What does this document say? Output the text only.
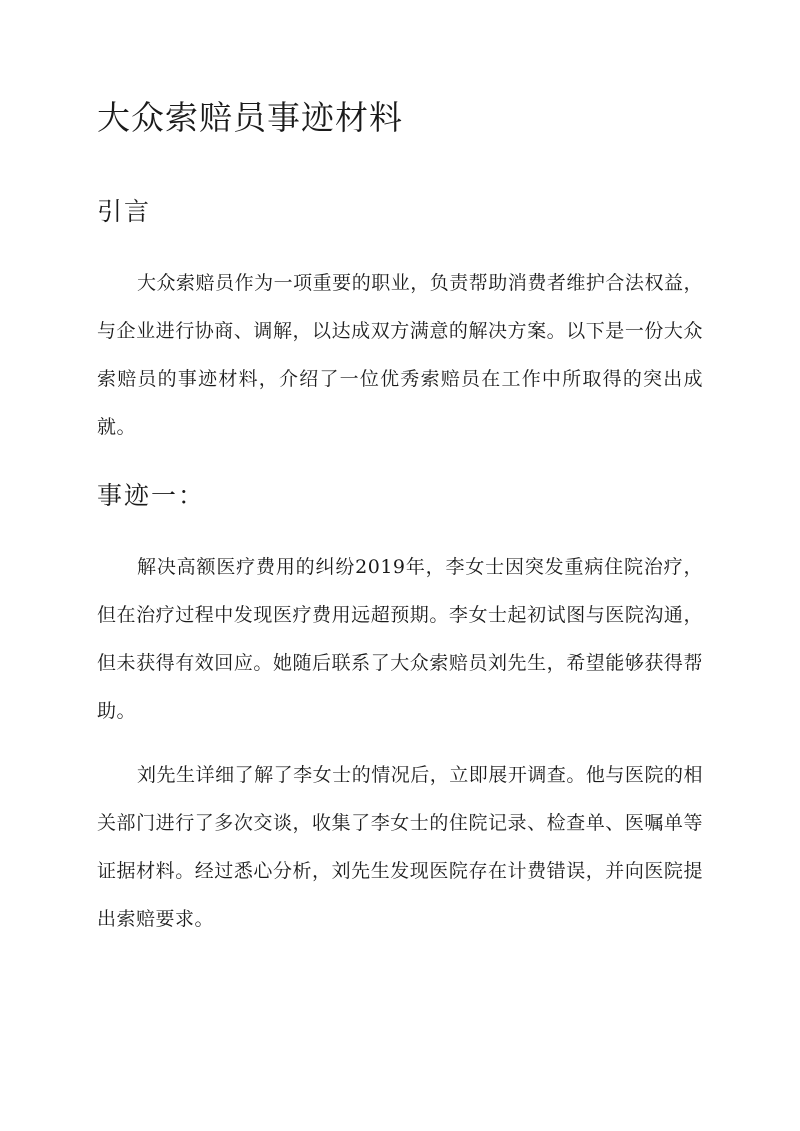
大众索赔员事迹材料
引言

大众索赔员作为一项重要的职业，负责帮助消费者维护合法权益，与企业进行协商、调解，以达成双方满意的解决方案。以下是一份大众索赔员的事迹材料，介绍了一位优秀索赔员在工作中所取得的突出成就。

事迹一：

解决高额医疗费用的纠纷2019年，李女士因突发重病住院治疗，但在治疗过程中发现医疗费用远超预期。李女士起初试图与医院沟通，但未获得有效回应。她随后联系了大众索赔员刘先生，希望能够获得帮助。

刘先生详细了解了李女士的情况后，立即展开调查。他与医院的相关部门进行了多次交谈，收集了李女士的住院记录、检查单、医嘱单等证据材料。经过悉心分析，刘先生发现医院存在计费错误，并向医院提出索赔要求。
